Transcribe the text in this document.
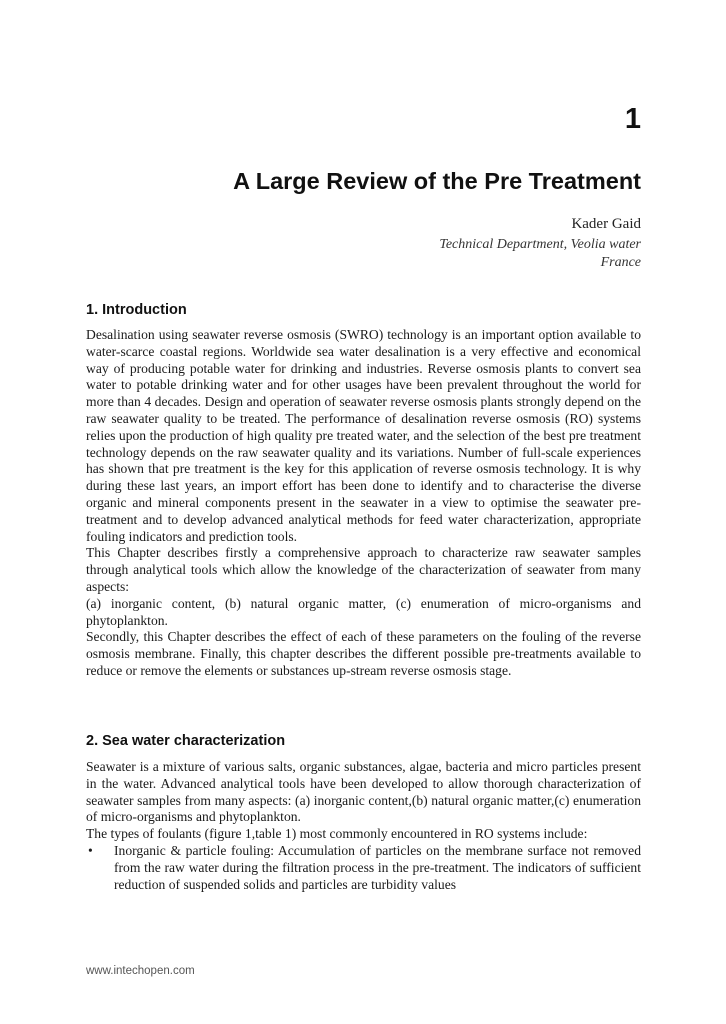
1
A Large Review of the Pre Treatment
Kader Gaid
Technical Department, Veolia water
France
1. Introduction

Desalination using seawater reverse osmosis (SWRO) technology is an important option available to water-scarce coastal regions. Worldwide sea water desalination is a very effective and economical way of producing potable water for drinking and industries. Reverse osmosis plants to convert sea water to potable drinking water and for other usages have been prevalent throughout the world for more than 4 decades. Design and operation of seawater reverse osmosis plants strongly depend on the raw seawater quality to be treated. The performance of desalination reverse osmosis (RO) systems relies upon the production of high quality pre treated water, and the selection of the best pre treatment technology depends on the raw seawater quality and its variations. Number of full-scale experiences has shown that pre treatment is the key for this application of reverse osmosis technology. It is why during these last years, an import effort has been done to identify and to characterise the diverse organic and mineral components present in the seawater in a view to optimise the seawater pre-treatment and to develop advanced analytical methods for feed water characterization, appropriate fouling indicators and prediction tools.

This Chapter describes firstly a comprehensive approach to characterize raw seawater samples through analytical tools which allow the knowledge of the characterization of seawater from many aspects:

(a) inorganic content, (b) natural organic matter, (c) enumeration of micro-organisms and phytoplankton.

Secondly, this Chapter describes the effect of each of these parameters on the fouling of the reverse osmosis membrane. Finally, this chapter describes the different possible pre-treatments available to reduce or remove the elements or substances up-stream reverse osmosis stage.

2. Sea water characterization

Seawater is a mixture of various salts, organic substances, algae, bacteria and micro particles present in the water. Advanced analytical tools have been developed to allow thorough characterization of seawater samples from many aspects: (a) inorganic content,(b) natural organic matter,(c) enumeration of micro-organisms and phytoplankton.

The types of foulants (figure 1,table 1) most commonly encountered in RO systems include:

• Inorganic & particle fouling: Accumulation of particles on the membrane surface not removed from the raw water during the filtration process in the pre-treatment. The indicators of sufficient reduction of suspended solids and particles are turbidity values
www.intechopen.com
